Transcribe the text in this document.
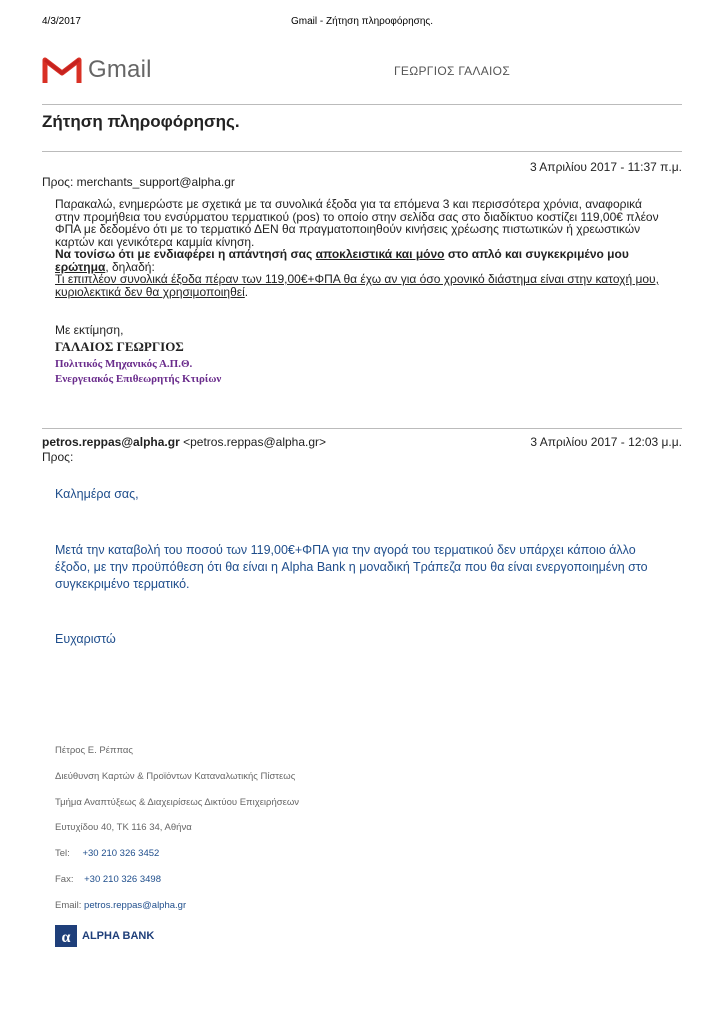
4/3/2017	Gmail - Ζήτηση πληροφόρησης.
Gmail	ΓΕΩΡΓΙΟΣ ΓΑΛΑΙΟΣ
Ζήτηση πληροφόρησης.
3 Απριλίου 2017 - 11:37 π.μ.
Προς: merchants_support@alpha.gr

Παρακαλώ, ενημερώστε με σχετικά με τα συνολικά έξοδα για τα επόμενα 3 και περισσότερα χρόνια, αναφορικά

στην προμήθεια του ενσύρματου τερματικού (pos) το οποίο στην σελίδα σας στο διαδίκτυο κοστίζει 119,00€ πλέον

ΦΠΑ με δεδομένο ότι με το τερματικό ΔΕΝ θα πραγματοποιηθούν κινήσεις χρέωσης πιστωτικών ή χρεωστικών

καρτών και γενικότερα καμμία κίνηση.

Να τονίσω ότι με ενδιαφέρει η απάντησή σας αποκλειστικά και μόνο στο απλό και συγκεκριμένο μου

ερώτημα, δηλαδή:

Τι επιπλέον συνολικά έξοδα πέραν των 119,00€+ΦΠΑ θα έχω αν για όσο χρονικό διάστημα είναι στην κατοχή μου,

κυριολεκτικά δεν θα χρησιμοποιηθεί.

Με εκτίμηση,
ΓΑΛΑΙΟΣ ΓΕΩΡΓΙΟΣ
Πολιτικός Μηχανικός Α.Π.Θ.
Ενεργειακός Επιθεωρητής Κτιρίων
petros.reppas@alpha.gr <petros.reppas@alpha.gr>	3 Απριλίου 2017 - 12:03 μ.μ.
Προς:
Καλημέρα σας,
Μετά την καταβολή του ποσού των 119,00€+ΦΠΑ για την αγορά του τερματικού δεν υπάρχει κάποιο άλλο
έξοδο, με την προϋπόθεση ότι θα είναι η Alpha Bank η μοναδική Τράπεζα που θα είναι ενεργοποιημένη στο
συγκεκριμένο τερματικό.
Ευχαριστώ
Πέτρος Ε. Ρέππας
Διεύθυνση Καρτών & Προϊόντων Καταναλωτικής Πίστεως
Τμήμα Αναπτύξεως & Διαχειρίσεως Δικτύου Επιχειρήσεων
Ευτυχίδου 40, ΤΚ 116 34, Αθήνα
Tel: +30 210 326 3452
Fax: +30 210 326 3498
Email: petros.reppas@alpha.gr
α ALPHA BANK
